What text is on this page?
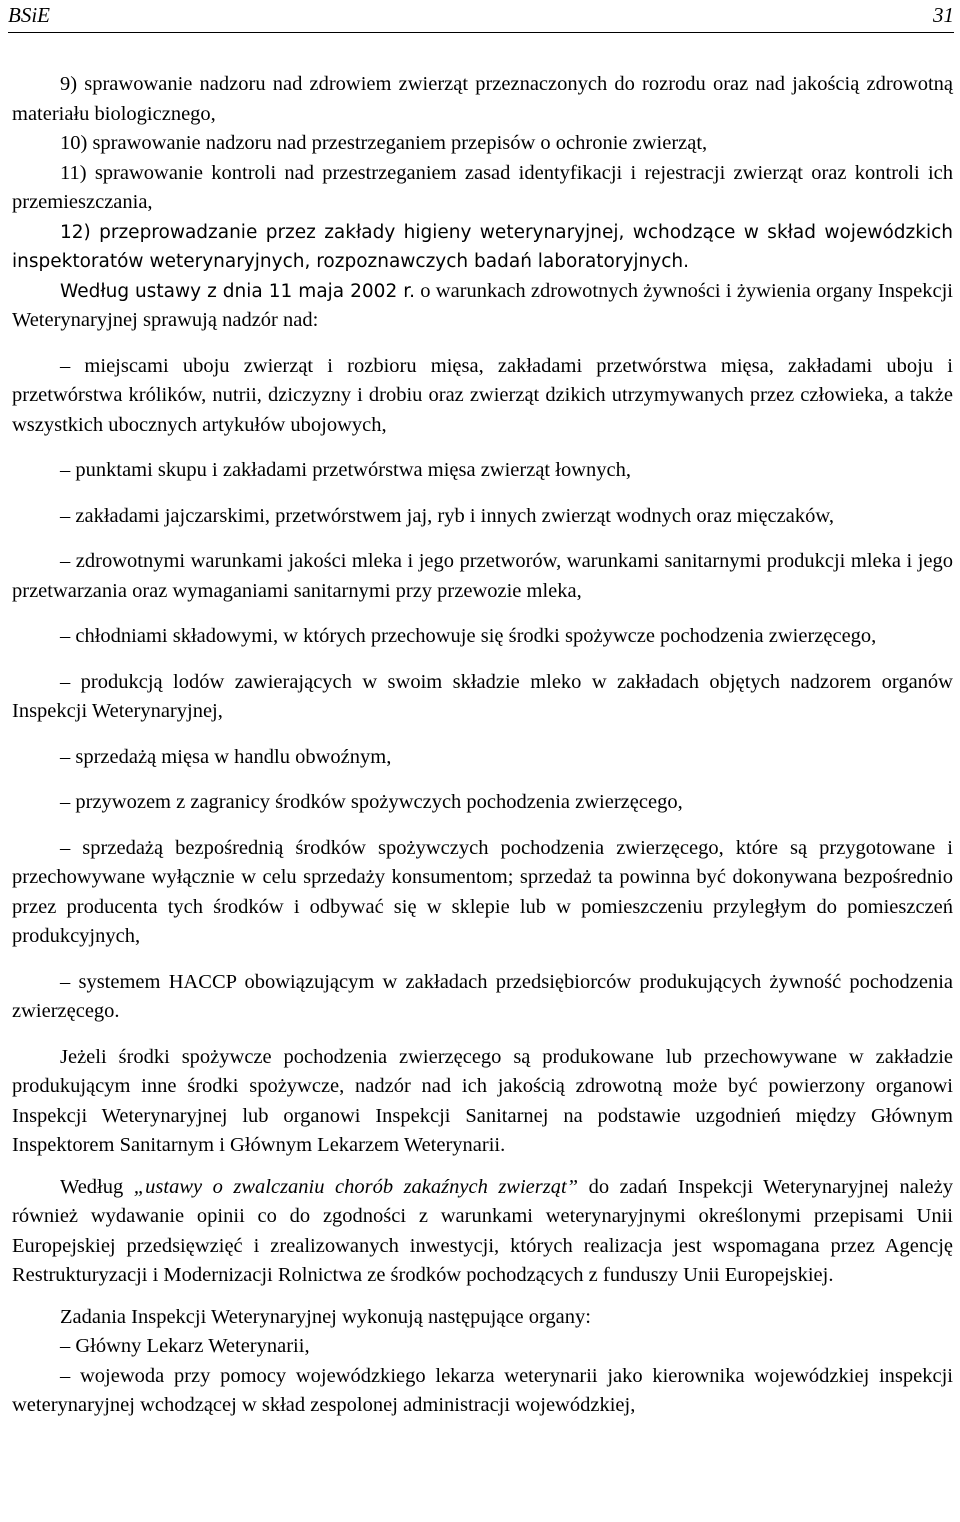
BSiE	31

9) sprawowanie nadzoru nad zdrowiem zwierząt przeznaczonych do rozrodu oraz nad jakością zdrowotną materiału biologicznego,

10) sprawowanie nadzoru nad przestrzeganiem przepisów o ochronie zwierząt,

11) sprawowanie kontroli nad przestrzeganiem zasad identyfikacji i rejestracji zwierząt oraz kontroli ich przemieszczania,

12) przeprowadzanie przez zakłady higieny weterynaryjnej, wchodzące w skład wojewódzkich inspektoratów weterynaryjnych, rozpoznawczych badań laboratoryjnych.

Według ustawy z dnia 11 maja 2002 r. o warunkach zdrowotnych żywności i żywienia organy Inspekcji Weterynaryjnej sprawują nadzór nad:

– miejscami uboju zwierząt i rozbioru mięsa, zakładami przetwórstwa mięsa, zakładami uboju i przetwórstwa królików, nutrii, dziczyzny i drobiu oraz zwierząt dzikich utrzymywanych przez człowieka, a także wszystkich ubocznych artykułów ubojowych,

– punktami skupu i zakładami przetwórstwa mięsa zwierząt łownych,

– zakładami jajczarskimi, przetwórstwem jaj, ryb i innych zwierząt wodnych oraz mięczaków,

– zdrowotnymi warunkami jakości mleka i jego przetworów, warunkami sanitarnymi produkcji mleka i jego przetwarzania oraz wymaganiami sanitarnymi przy przewozie mleka,

– chłodniami składowymi, w których przechowuje się środki spożywcze pochodzenia zwierzęcego,

– produkcją lodów zawierających w swoim składzie mleko w zakładach objętych nadzorem organów Inspekcji Weterynaryjnej,

– sprzedażą mięsa w handlu obwoźnym,

– przywozem z zagranicy środków spożywczych pochodzenia zwierzęcego,

– sprzedażą bezpośrednią środków spożywczych pochodzenia zwierzęcego, które są przygotowane i przechowywane wyłącznie w celu sprzedaży konsumentom; sprzedaż ta powinna być dokonywana bezpośrednio przez producenta tych środków i odbywać się w sklepie lub w pomieszczeniu przyległym do pomieszczeń produkcyjnych,

– systemem HACCP obowiązującym w zakładach przedsiębiorców produkujących żywność pochodzenia zwierzęcego.

Jeżeli środki spożywcze pochodzenia zwierzęcego są produkowane lub przechowywane w zakładzie produkującym inne środki spożywcze, nadzór nad ich jakością zdrowotną może być powierzony organowi Inspekcji Weterynaryjnej lub organowi Inspekcji Sanitarnej na podstawie uzgodnień między Głównym Inspektorem Sanitarnym i Głównym Lekarzem Weterynarii.

Według „ustawy o zwalczaniu chorób zakaźnych zwierząt” do zadań Inspekcji Weterynaryjnej należy również wydawanie opinii co do zgodności z warunkami weterynaryjnymi określonymi przepisami Unii Europejskiej przedsięwzięć i zrealizowanych inwestycji, których realizacja jest wspomagana przez Agencję Restrukturyzacji i Modernizacji Rolnictwa ze środków pochodzących z funduszy Unii Europejskiej.

Zadania Inspekcji Weterynaryjnej wykonują następujące organy:

– Główny Lekarz Weterynarii,

– wojewoda przy pomocy wojewódzkiego lekarza weterynarii jako kierownika wojewódzkiej inspekcji weterynaryjnej wchodzącej w skład zespolonej administracji wojewódzkiej,
